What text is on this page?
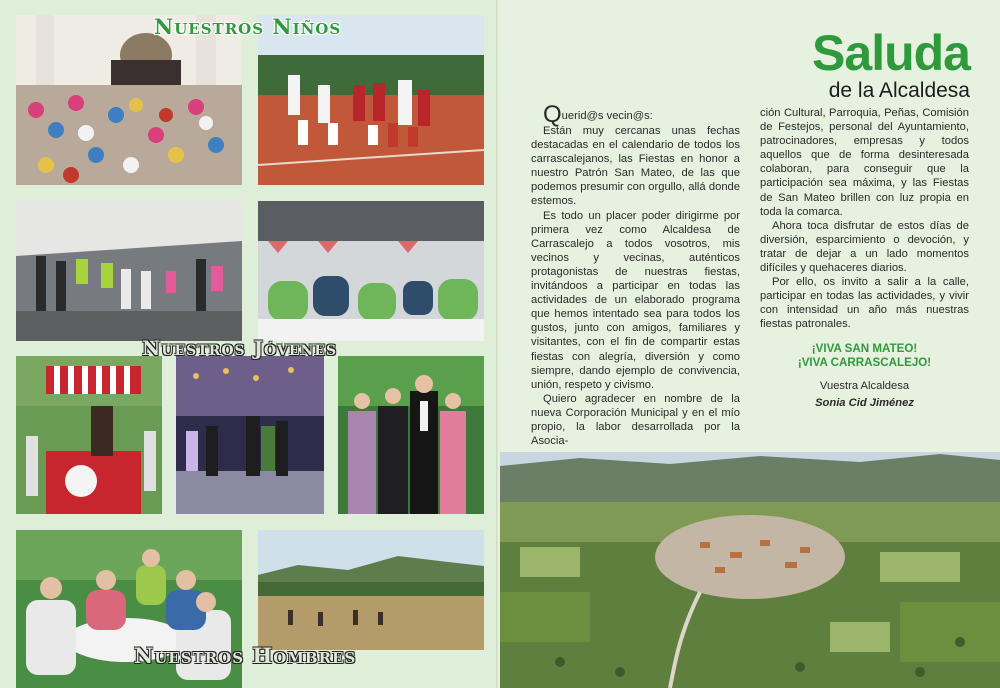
Nuestros Niños
Nuestros Jóvenes
Nuestros Hombres
Saluda
de la Alcaldesa

Querid@s vecin@s:

Están muy cercanas unas fechas destacadas en el calendario de todos los carrascalejanos, las Fiestas en honor a nuestro Patrón San Mateo, de las que podemos presumir con orgullo, allá donde estemos.

Es todo un placer poder dirigirme por primera vez como Alcaldesa de Carrascalejo a todos vosotros, mis vecinos y vecinas, auténticos protagonistas de nuestras fiestas, invitándoos a participar en todas las actividades de un elaborado programa que hemos intentado sea para todos los gustos, junto con amigos, familiares y visitantes, con el fin de compartir estas fiestas con alegría, diversión y como siempre, dando ejemplo de convivencia, unión, respeto y civismo.

Quiero agradecer en nombre de la nueva Corporación Municipal y en el mío propio, la labor desarrollada por la Asocia-

ción Cultural, Parroquia, Peñas, Comisión de Festejos, personal del Ayuntamiento, patrocinadores, empresas y todos aquellos que de forma desinteresada colaboran, para conseguir que la participación sea máxima, y las Fiestas de San Mateo brillen con luz propia en toda la comarca.

Ahora toca disfrutar de estos días de diversión, esparcimiento o devoción, y tratar de dejar a un lado momentos difíciles y quehaceres diarios.

Por ello, os invito a salir a la calle, participar en todas las actividades, y vivir con intensidad un año más nuestras fiestas patronales.

¡VIVA SAN MATEO!

¡VIVA CARRASCALEJO!

Vuestra Alcaldesa

Sonia Cid Jiménez
